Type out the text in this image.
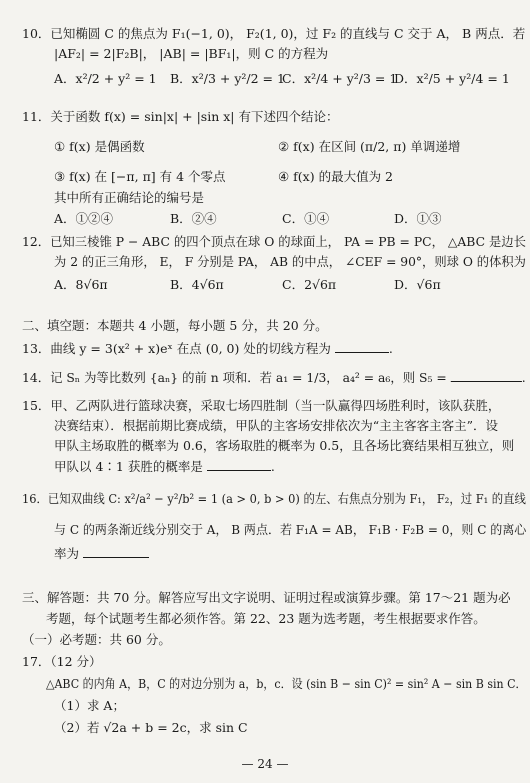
10．已知椭圆 C 的焦点为 F₁(−1, 0)， F₂(1, 0)，过 F₂ 的直线与 C 交于 A， B 两点．若
|AF₂| = 2|F₂B|， |AB| = |BF₁|，则 C 的方程为
A．x²/2 + y² = 1 B．x²/3 + y²/2 = 1
C．x²/4 + y²/3 = 1
D．x²/5 + y²/4 = 1
11．关于函数 f(x) = sin|x| + |sin x| 有下述四个结论：
① f(x) 是偶函数	② f(x) 在区间 (π/2, π) 单调递增
③ f(x) 在 [−π, π] 有 4 个零点	④ f(x) 的最大值为 2
其中所有正确结论的编号是
A．①②④	B．②④	C．①④	D．①③
12．已知三棱锥 P − ABC 的四个顶点在球 O 的球面上， PA = PB = PC， △ABC 是边长
为 2 的正三角形， E， F 分别是 PA， AB 的中点， ∠CEF = 90°，则球 O 的体积为
A．8√6π	B．4√6π	C．2√6π	D．√6π
二、填空题：本题共 4 小题，每小题 5 分，共 20 分。
13．曲线 y = 3(x² + x)eˣ 在点 (0, 0) 处的切线方程为	.
14．记 Sₙ 为等比数列 {aₙ} 的前 n 项和．若 a₁ = 1/3， a₄² = a₆，则 S₅ =	.
15．甲、乙两队进行篮球决赛，采取七场四胜制（当一队赢得四场胜利时，该队获胜，
决赛结束）．根据前期比赛成绩，甲队的主客场安排依次为“主主客客主客主”．设
甲队主场取胜的概率为 0.6，客场取胜的概率为 0.5，且各场比赛结果相互独立，则
甲队以 4∶1 获胜的概率是	.
16．已知双曲线 C: x²/a² − y²/b² = 1 (a > 0, b > 0) 的左、右焦点分别为 F₁， F₂，过 F₁ 的直线
与 C 的两条渐近线分别交于 A， B 两点．若 F₁A = AB， F₁B · F₂B = 0，则 C 的离心
率为
三、解答题：共 70 分。解答应写出文字说明、证明过程或演算步骤。第 17～21 题为必
考题，每个试题考生都必须作答。第 22、23 题为选考题，考生根据要求作答。
（一）必考题：共 60 分。
17．（12 分）
△ABC 的内角 A，B，C 的对边分别为 a，b，c．设 (sin B − sin C)² = sin² A − sin B sin C．
（1）求 A；
（2）若 √2a + b = 2c，求 sin C
— 24 —
